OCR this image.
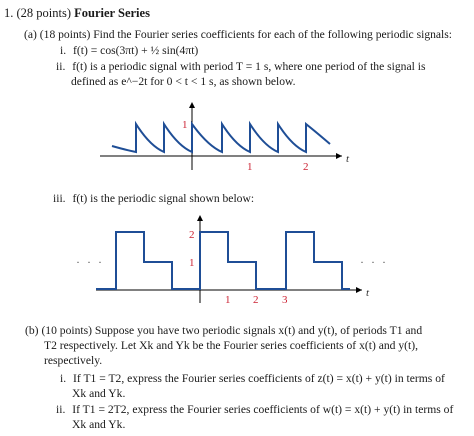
1. (28 points) Fourier Series
(a) (18 points) Find the Fourier series coefficients for each of the following periodic signals:
i. f(t) = cos(3πt) + ½ sin(4πt)
ii. f(t) is a periodic signal with period T = 1 s, where one period of the signal is
defined as e^−2t for 0 < t < 1 s, as shown below.
1
1	2
t
iii. f(t) is the periodic signal shown below:
2
1
1 2 3
t
· · ·	· · ·
(b) (10 points) Suppose you have two periodic signals x(t) and y(t), of periods T1 and
T2 respectively. Let Xk and Yk be the Fourier series coefficients of x(t) and y(t),
respectively.
i. If T1 = T2, express the Fourier series coefficients of z(t) = x(t) + y(t) in terms of
Xk and Yk.
ii. If T1 = 2T2, express the Fourier series coefficients of w(t) = x(t) + y(t) in terms of
Xk and Yk.
